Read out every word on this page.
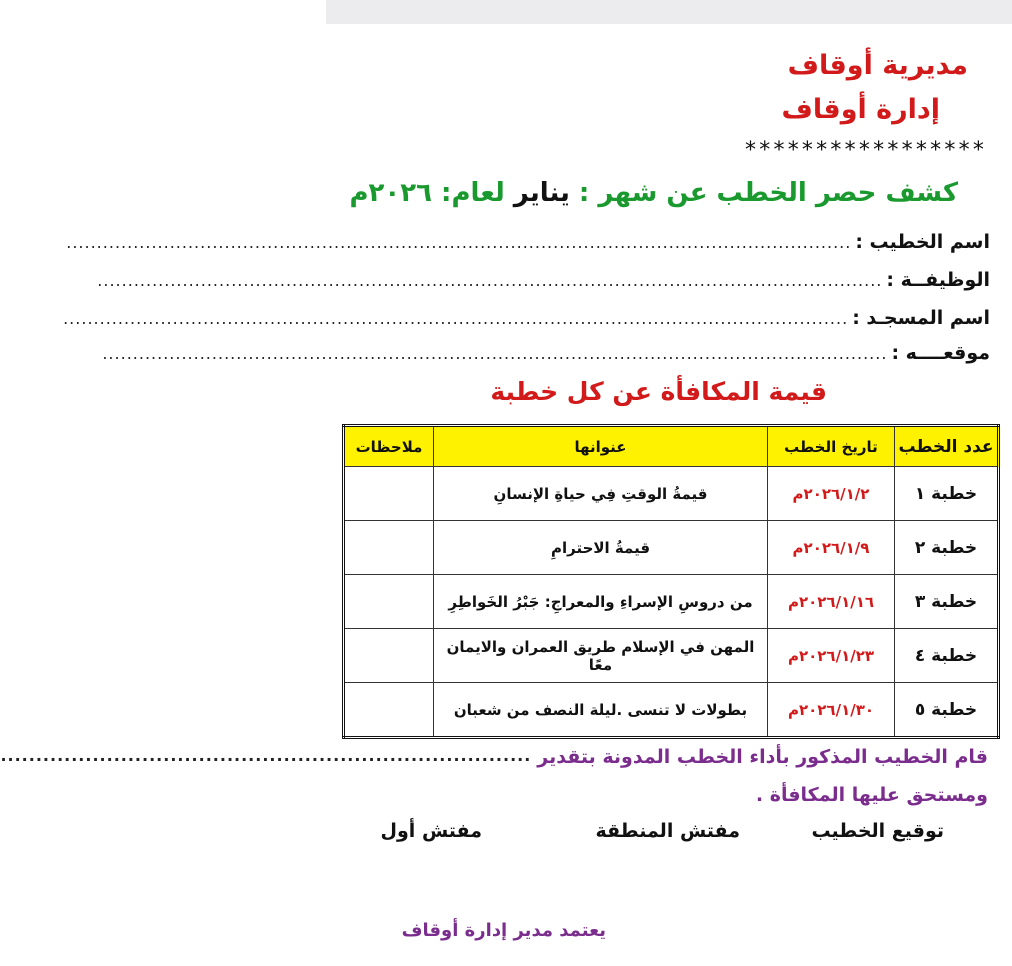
مديرية أوقاف
إدارة أوقاف
*****************
كشف حصر الخطب عن شهر : يناير لعام: ٢٠٢٦م
اسم الخطيب :
.................................................................................................................................
الوظيفــة :
.................................................................................................................................
اسم المسجـد :
.................................................................................................................................
موقعــــه :
.................................................................................................................................
قيمة المكافأة عن كل خطبة
عدد الخطب	تاريخ الخطب	عنوانها	ملاحظات
خطبة ١	٢٠٢٦/١/٢م	قيمةُ الوقتِ فِي حياةِ الإنسانِ	
خطبة ٢	٢٠٢٦/١/٩م	قيمةُ الاحترامِ	
خطبة ٣	٢٠٢٦/١/١٦م	من دروسِ الإسراءِ والمعراجِ: جَبْرُ الخَواطِرِ	
خطبة ٤	٢٠٢٦/١/٢٣م	المهن في الإسلام طريق العمران والايمان معًا	
خطبة ٥	٢٠٢٦/١/٣٠م	بطولات لا تنسى .ليلة النصف من شعبان	
قام الخطيب المذكور بأداء الخطب المدونة بتقدير
...........................................................................
ومستحق عليها المكافأة .
توقيع الخطيب
مفتش المنطقة
مفتش أول
يعتمد مدير إدارة أوقاف
